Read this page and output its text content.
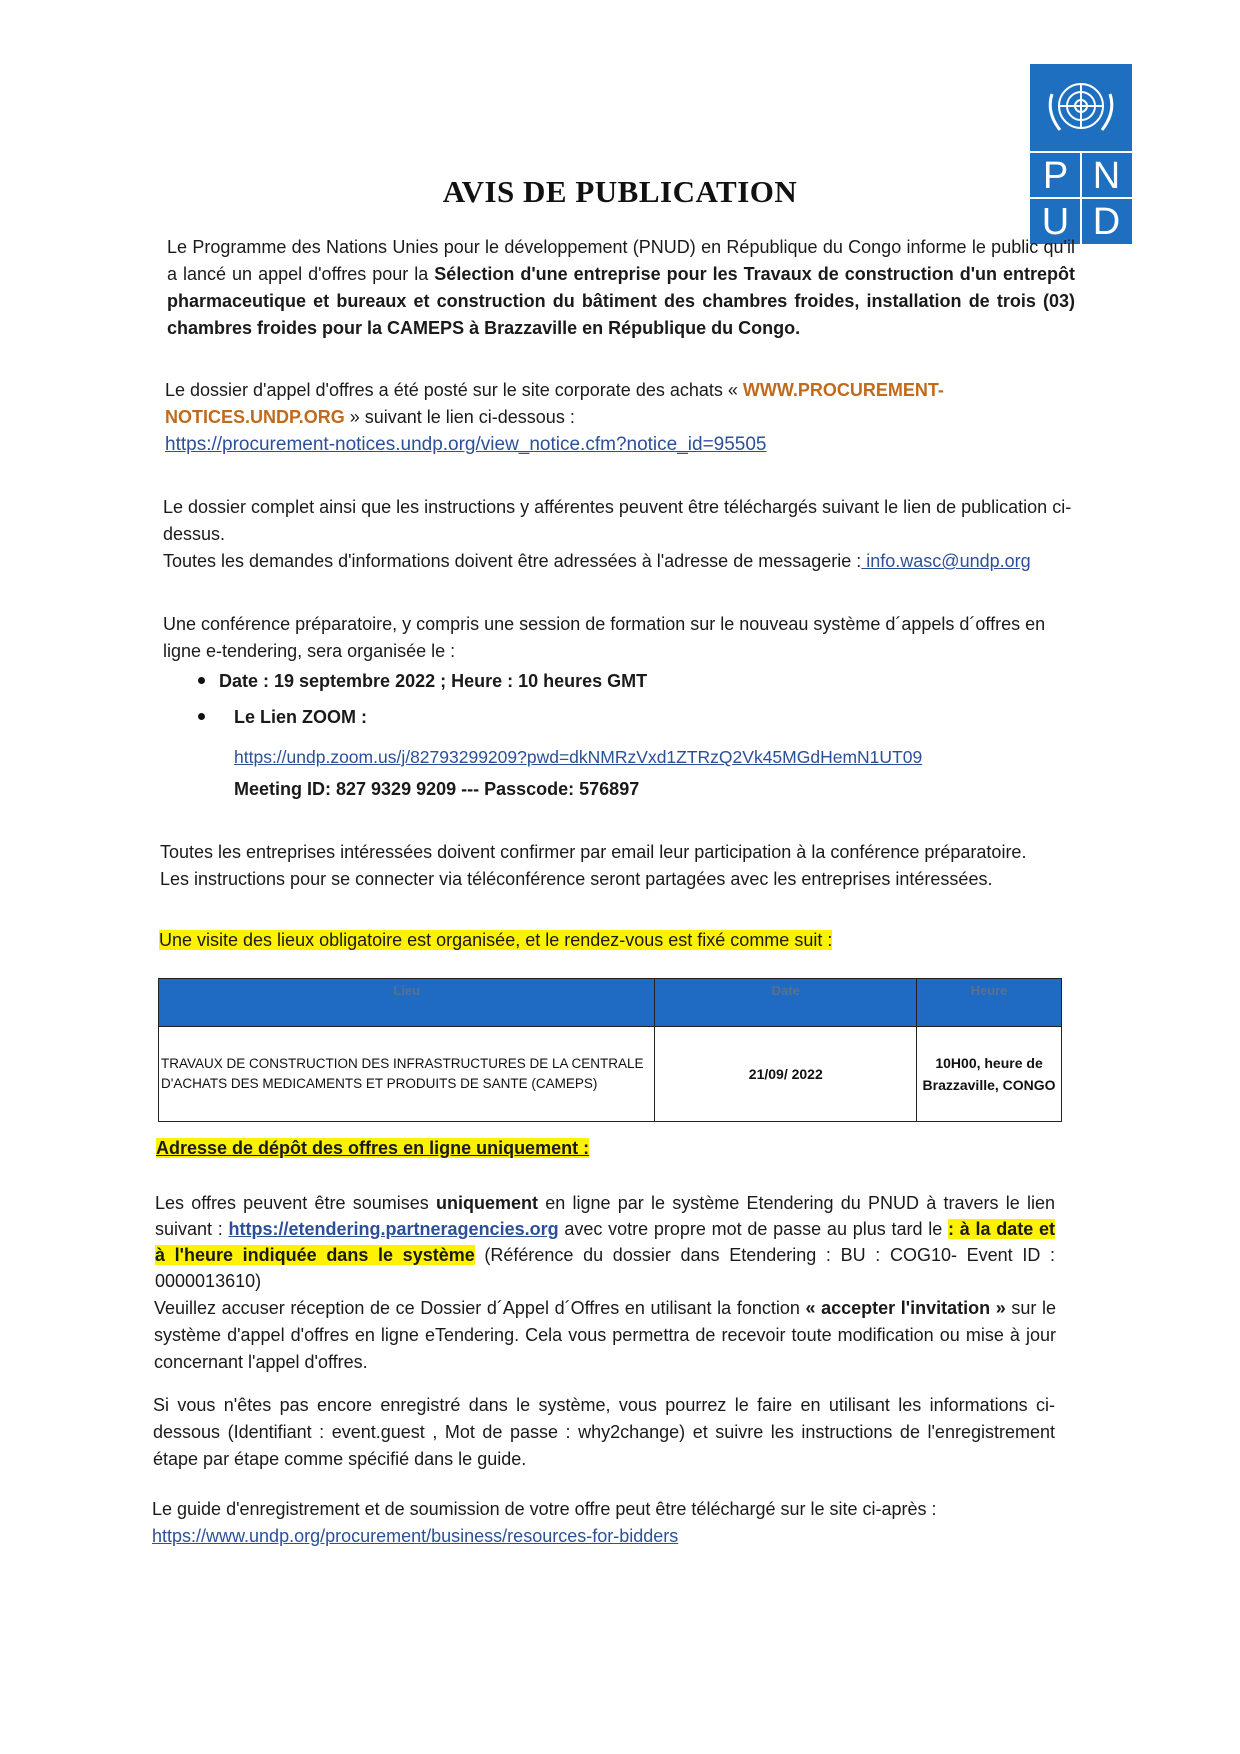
P N
U D
AVIS DE PUBLICATION
Le Programme des Nations Unies pour le développement (PNUD) en République du Congo informe le public qu'il a lancé un appel d'offres pour la Sélection d'une entreprise pour les Travaux de construction d'un entrepôt pharmaceutique et bureaux et construction du bâtiment des chambres froides, installation de trois (03) chambres froides pour la CAMEPS à Brazzaville en République du Congo.
Le dossier d'appel d'offres a été posté sur le site corporate des achats « WWW.PROCUREMENT-NOTICES.UNDP.ORG » suivant le lien ci-dessous :
https://procurement-notices.undp.org/view_notice.cfm?notice_id=95505
Le dossier complet ainsi que les instructions y afférentes peuvent être téléchargés suivant le lien de publication ci-dessus.
Toutes les demandes d'informations doivent être adressées à l'adresse de messagerie : info.wasc@undp.org
Une conférence préparatoire, y compris une session de formation sur le nouveau système d´appels d´offres en ligne e-tendering, sera organisée le :
Date : 19 septembre 2022 ; Heure : 10 heures GMT
Le Lien ZOOM :
https://undp.zoom.us/j/82793299209?pwd=dkNMRzVxd1ZTRzQ2Vk45MGdHemN1UT09
Meeting ID: 827 9329 9209 --- Passcode: 576897
Toutes les entreprises intéressées doivent confirmer par email leur participation à la conférence préparatoire.
Les instructions pour se connecter via téléconférence seront partagées avec les entreprises intéressées.
Une visite des lieux obligatoire est organisée, et le rendez-vous est fixé comme suit :
Lieu	Date	Heure
TRAVAUX DE CONSTRUCTION DES INFRASTRUCTURES DE LA CENTRALE D'ACHATS DES MEDICAMENTS ET PRODUITS DE SANTE (CAMEPS)	21/09/ 2022	10H00, heure de Brazzaville, CONGO
Adresse de dépôt des offres en ligne uniquement :
Les offres peuvent être soumises uniquement en ligne par le système Etendering du PNUD à travers le lien suivant : https://etendering.partneragencies.org avec votre propre mot de passe au plus tard le : à la date et à l'heure indiquée dans le système (Référence du dossier dans Etendering : BU : COG10- Event ID : 0000013610)
Veuillez accuser réception de ce Dossier d´Appel d´Offres en utilisant la fonction « accepter l'invitation » sur le système d'appel d'offres en ligne eTendering. Cela vous permettra de recevoir toute modification ou mise à jour concernant l'appel d'offres.
Si vous n'êtes pas encore enregistré dans le système, vous pourrez le faire en utilisant les informations ci-dessous (Identifiant : event.guest , Mot de passe : why2change) et suivre les instructions de l'enregistrement étape par étape comme spécifié dans le guide.
Le guide d'enregistrement et de soumission de votre offre peut être téléchargé sur le site ci-après :
https://www.undp.org/procurement/business/resources-for-bidders
